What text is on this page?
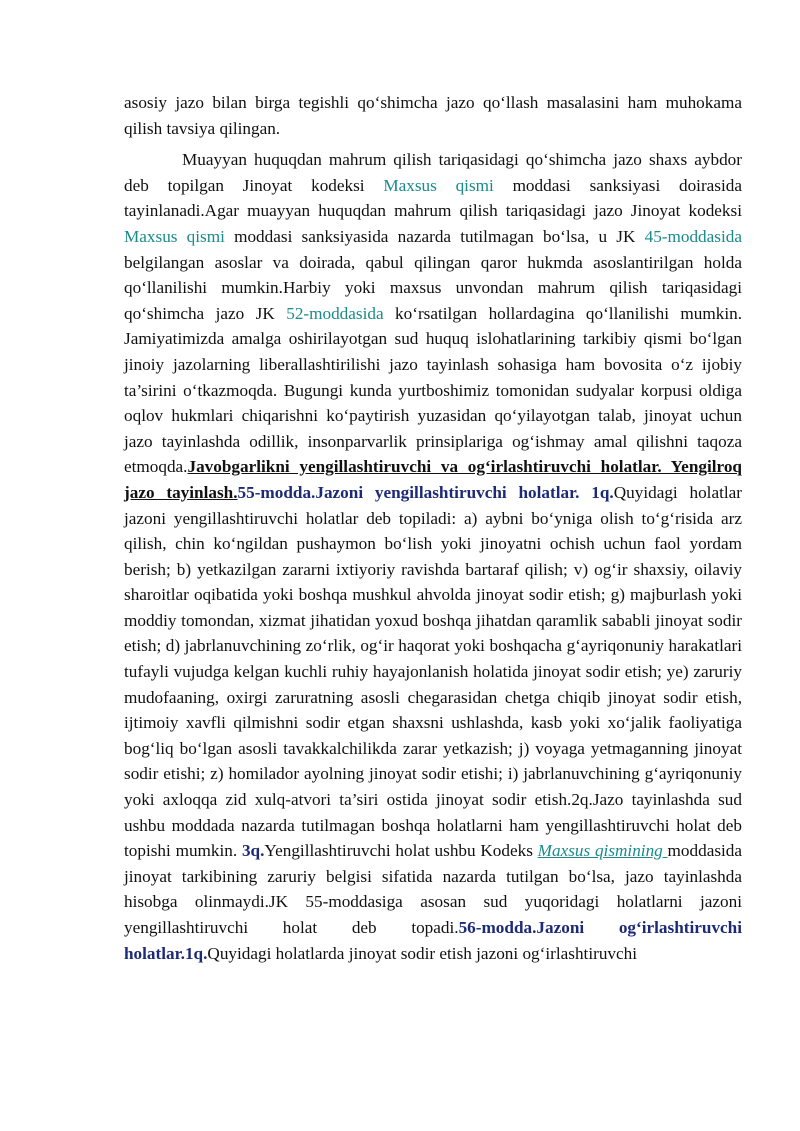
asosiy jazo bilan birga tegishli qo‘shimcha jazo qo‘llash masalasini ham muhokama qilish tavsiya qilingan.

Muayyan huquqdan mahrum qilish tariqasidagi qo‘shimcha jazo shaxs aybdor deb topilgan Jinoyat kodeksi Maxsus qismi moddasi sanksiyasi doirasida tayinlanadi.Agar muayyan huquqdan mahrum qilish tariqasidagi jazo Jinoyat kodeksi Maxsus qismi moddasi sanksiyasida nazarda tutilmagan bo‘lsa, u JK 45-moddasida belgilangan asoslar va doirada, qabul qilingan qaror hukmda asoslantirilgan holda qo‘llanilishi mumkin.Harbiy yoki maxsus unvondan mahrum qilish tariqasidagi qo‘shimcha jazo JK 52-moddasida ko‘rsatilgan hollardagina qo‘llanilishi mumkin. Jamiyatimizda amalga oshirilayotgan sud huquq islohatlarining tarkibiy qismi bo‘lgan jinoiy jazolarning liberallashtirilishi jazo tayinlash sohasiga ham bovosita o‘z ijobiy ta’sirini o‘tkazmoqda. Bugungi kunda yurtboshimiz tomonidan sudyalar korpusi oldiga oqlov hukmlari chiqarishni ko‘paytirish yuzasidan qo‘yilayotgan talab, jinoyat uchun jazo tayinlashda odillik, insonparvarlik prinsiplariga og‘ishmay amal qilishni taqoza etmoqda.Javobgarlikni yengillashtiruvchi va og‘irlashtiruvchi holatlar. Yengilroq jazo tayinlash.55-modda.Jazoni yengillashtiruvchi holatlar. 1q.Quyidagi holatlar jazoni yengillashtiruvchi holatlar deb topiladi: a) aybni bo‘yniga olish to‘g‘risida arz qilish, chin ko‘ngildan pushaymon bo‘lish yoki jinoyatni ochish uchun faol yordam berish; b) yetkazilgan zararni ixtiyoriy ravishda bartaraf qilish; v) og‘ir shaxsiy, oilaviy sharoitlar oqibatida yoki boshqa mushkul ahvolda jinoyat sodir etish; g) majburlash yoki moddiy tomondan, xizmat jihatidan yoxud boshqa jihatdan qaramlik sababli jinoyat sodir etish; d) jabrlanuvchining zo‘rlik, og‘ir haqorat yoki boshqacha g‘ayriqonuniy harakatlari tufayli vujudga kelgan kuchli ruhiy hayajonlanish holatida jinoyat sodir etish; ye) zaruriy mudofaaning, oxirgi zaruratning asosli chegarasidan chetga chiqib jinoyat sodir etish, ijtimoiy xavfli qilmishni sodir etgan shaxsni ushlashda, kasb yoki xo‘jalik faoliyatiga bog‘liq bo‘lgan asosli tavakkalchilikda zarar yetkazish; j) voyaga yetmaganning jinoyat sodir etishi; z) homilador ayolning jinoyat sodir etishi; i) jabrlanuvchining g‘ayriqonuniy yoki axloqqa zid xulq-atvori ta’siri ostida jinoyat sodir etish.2q.Jazo tayinlashda sud ushbu moddada nazarda tutilmagan boshqa holatlarni ham yengillashtiruvchi holat deb topishi mumkin. 3q.Yengillashtiruvchi holat ushbu Kodeks Maxsus qismining moddasida jinoyat tarkibining zaruriy belgisi sifatida nazarda tutilgan bo‘lsa, jazo tayinlashda hisobga olinmaydi.JK 55-moddasiga asosan sud yuqoridagi holatlarni jazoni yengillashtiruvchi holat deb topadi.56-modda.Jazoni og‘irlashtiruvchi holatlar.1q.Quyidagi holatlarda jinoyat sodir etish jazoni og‘irlashtiruvchi
